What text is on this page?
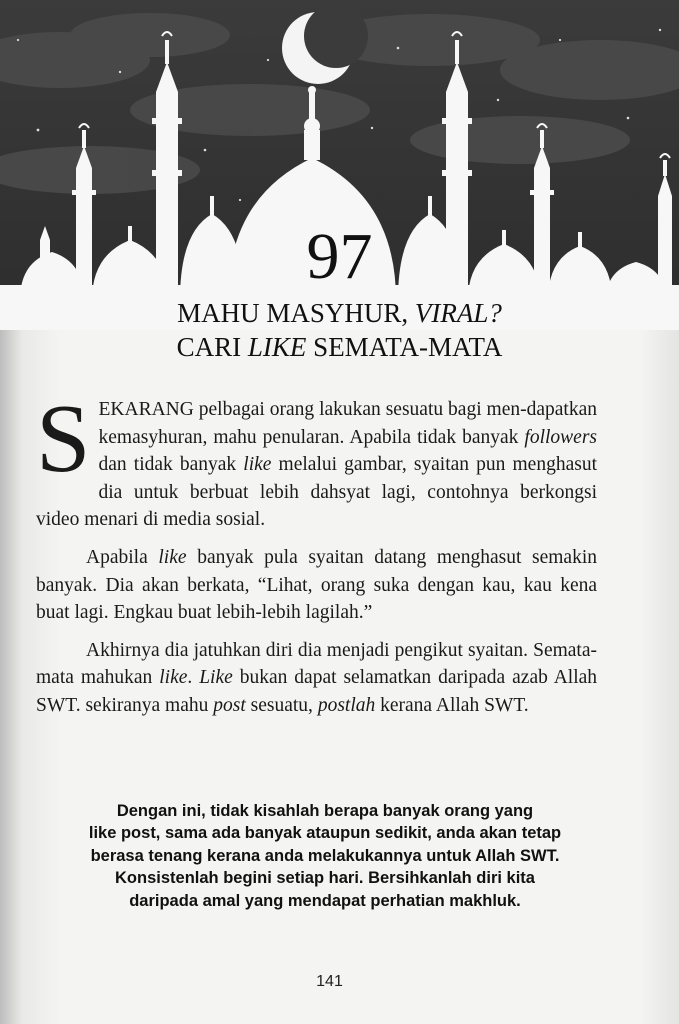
97
MAHU MASYHUR, VIRAL?
CARI LIKE SEMATA-MATA

SEKARANG pelbagai orang lakukan sesuatu bagi men-dapatkan kemasyhuran, mahu penularan. Apabila tidak banyak followers dan tidak banyak like melalui gambar, syaitan pun menghasut dia untuk berbuat lebih dahsyat lagi, contohnya berkongsi video menari di media sosial.

Apabila like banyak pula syaitan datang menghasut semakin banyak. Dia akan berkata, “Lihat, orang suka dengan kau, kau kena buat lagi. Engkau buat lebih-lebih lagilah.”

Akhirnya dia jatuhkan diri dia menjadi pengikut syaitan. Semata-mata mahukan like. Like bukan dapat selamatkan daripada azab Allah SWT. sekiranya mahu post sesuatu, postlah kerana Allah SWT.

Dengan ini, tidak kisahlah berapa banyak orang yang
like post, sama ada banyak ataupun sedikit, anda akan tetap
berasa tenang kerana anda melakukannya untuk Allah SWT.
Konsistenlah begini setiap hari. Bersihkanlah diri kita
daripada amal yang mendapat perhatian makhluk.
141
